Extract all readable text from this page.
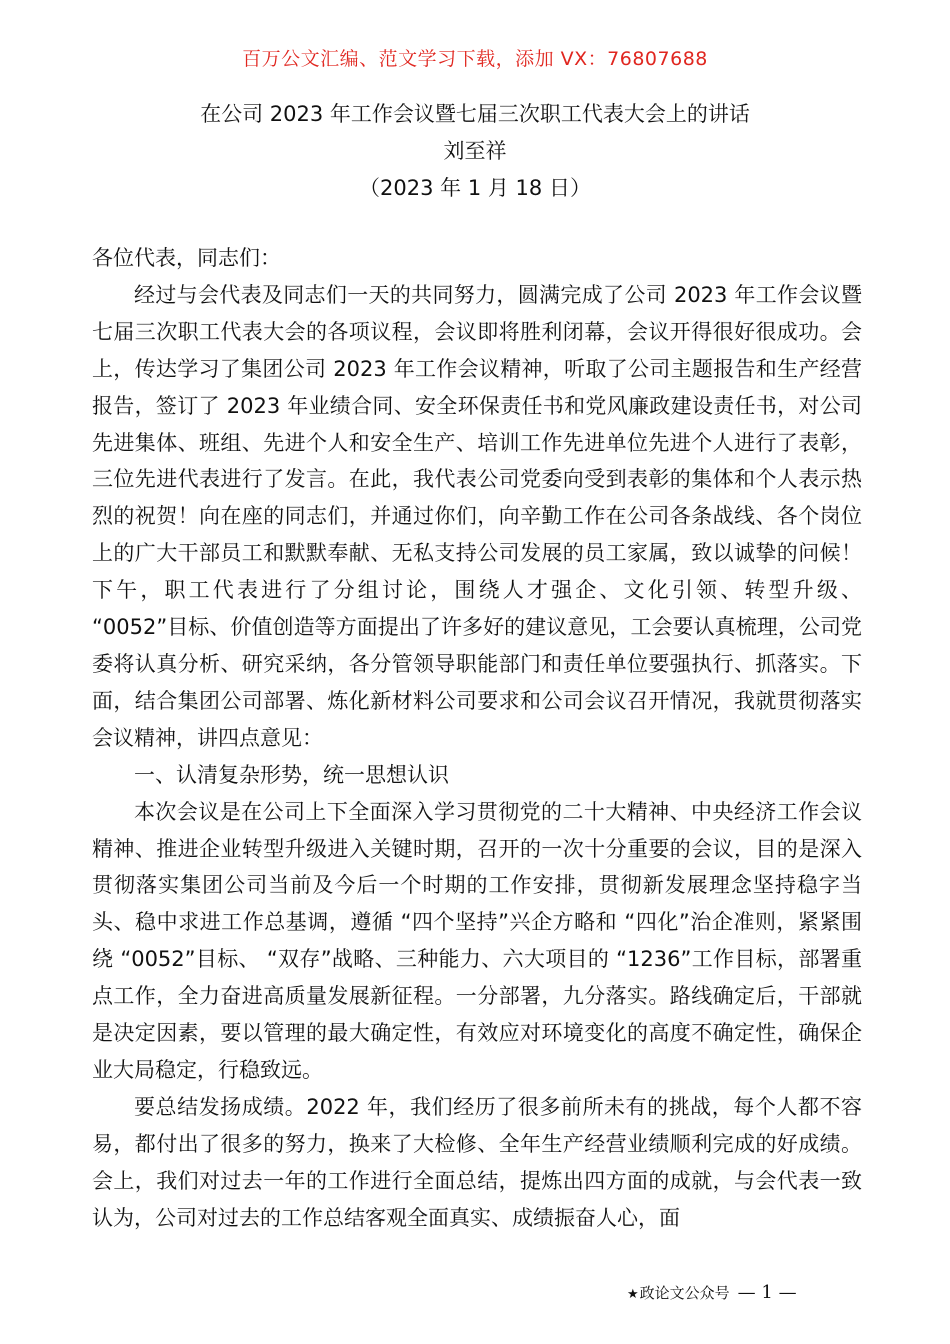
百万公文汇编、范文学习下载，添加 VX：76807688
在公司 2023 年工作会议暨七届三次职工代表大会上的讲话
刘至祥
（2023 年 1 月 18 日）

各位代表，同志们：

经过与会代表及同志们一天的共同努力，圆满完成了公司 2023 年工作会议暨七届三次职工代表大会的各项议程，会议即将胜利闭幕，会议开得很好很成功。会上，传达学习了集团公司 2023 年工作会议精神，听取了公司主题报告和生产经营报告，签订了 2023 年业绩合同、安全环保责任书和党风廉政建设责任书，对公司先进集体、班组、先进个人和安全生产、培训工作先进单位先进个人进行了表彰，三位先进代表进行了发言。在此，我代表公司党委向受到表彰的集体和个人表示热烈的祝贺！向在座的同志们，并通过你们，向辛勤工作在公司各条战线、各个岗位上的广大干部员工和默默奉献、无私支持公司发展的员工家属，致以诚挚的问候！下午，职工代表进行了分组讨论，围绕人才强企、文化引领、转型升级、 “0052”目标、价值创造等方面提出了许多好的建议意见，工会要认真梳理，公司党委将认真分析、研究采纳，各分管领导职能部门和责任单位要强执行、抓落实。下面，结合集团公司部署、炼化新材料公司要求和公司会议召开情况，我就贯彻落实会议精神，讲四点意见：

一、认清复杂形势，统一思想认识

本次会议是在公司上下全面深入学习贯彻党的二十大精神、中央经济工作会议精神、推进企业转型升级进入关键时期，召开的一次十分重要的会议，目的是深入贯彻落实集团公司当前及今后一个时期的工作安排，贯彻新发展理念坚持稳字当头、稳中求进工作总基调，遵循 “四个坚持”兴企方略和 “四化”治企准则，紧紧围绕 “0052”目标、 “双存”战略、三种能力、六大项目的 “1236”工作目标，部署重点工作，全力奋进高质量发展新征程。一分部署，九分落实。路线确定后，干部就是决定因素，要以管理的最大确定性，有效应对环境变化的高度不确定性，确保企业大局稳定，行稳致远。

要总结发扬成绩。2022 年，我们经历了很多前所未有的挑战，每个人都不容易，都付出了很多的努力，换来了大检修、全年生产经营业绩顺利完成的好成绩。会上，我们对过去一年的工作进行全面总结，提炼出四方面的成就，与会代表一致认为，公司对过去的工作总结客观全面真实、成绩振奋人心，面

★政论文公众号 — 1 —
